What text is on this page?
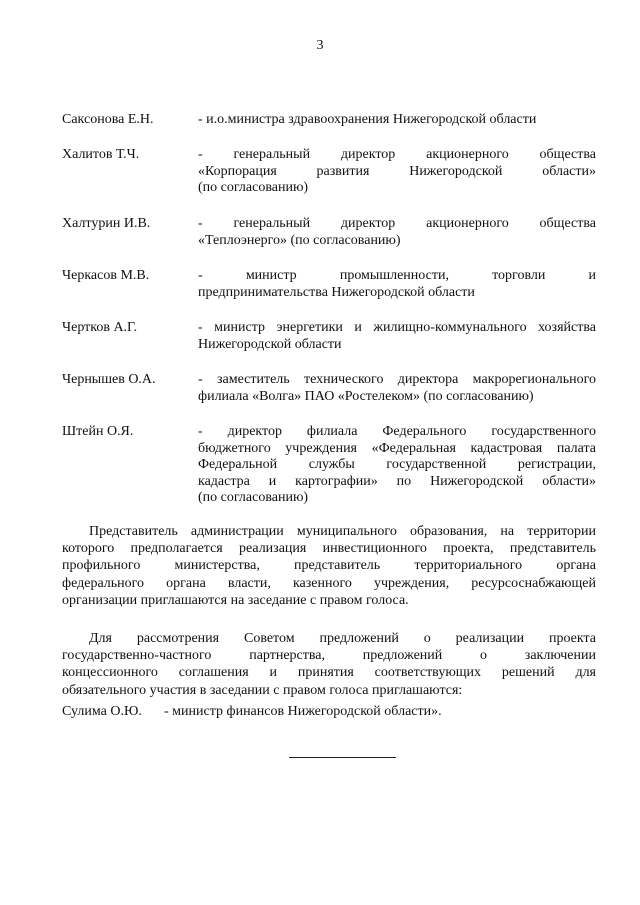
3
Саксонова Е.Н.	- и.о.министра здравоохранения Нижегородской области
Халитов Т.Ч.	- генеральный директор акционерного общества
«Корпорация развития Нижегородской области»
(по согласованию)
Халтурин И.В.	- генеральный директор акционерного общества
«Теплоэнерго» (по согласованию)
Черкасов М.В.	- министр промышленности, торговли и
предпринимательства Нижегородской области
Чертков А.Г.	- министр энергетики и жилищно-коммунального хозяйства
Нижегородской области
Чернышев О.А.	- заместитель технического директора макрорегионального
филиала «Волга» ПАО «Ростелеком» (по согласованию)
Штейн О.Я.	- директор филиала Федерального государственного
бюджетного учреждения «Федеральная кадастровая палата
Федеральной службы государственной регистрации,
кадастра и картографии» по Нижегородской области»
(по согласованию)
Представитель администрации муниципального образования, на территории
которого предполагается реализация инвестиционного проекта, представитель
профильного министерства, представитель территориального органа
федерального органа власти, казенного учреждения, ресурсоснабжающей
организации приглашаются на заседание с правом голоса.
Для рассмотрения Советом предложений о реализации проекта
государственно-частного партнерства, предложений о заключении
концессионного соглашения и принятия соответствующих решений для
обязательного участия в заседании с правом голоса приглашаются:
Сулима О.Ю. - министр финансов Нижегородской области».
